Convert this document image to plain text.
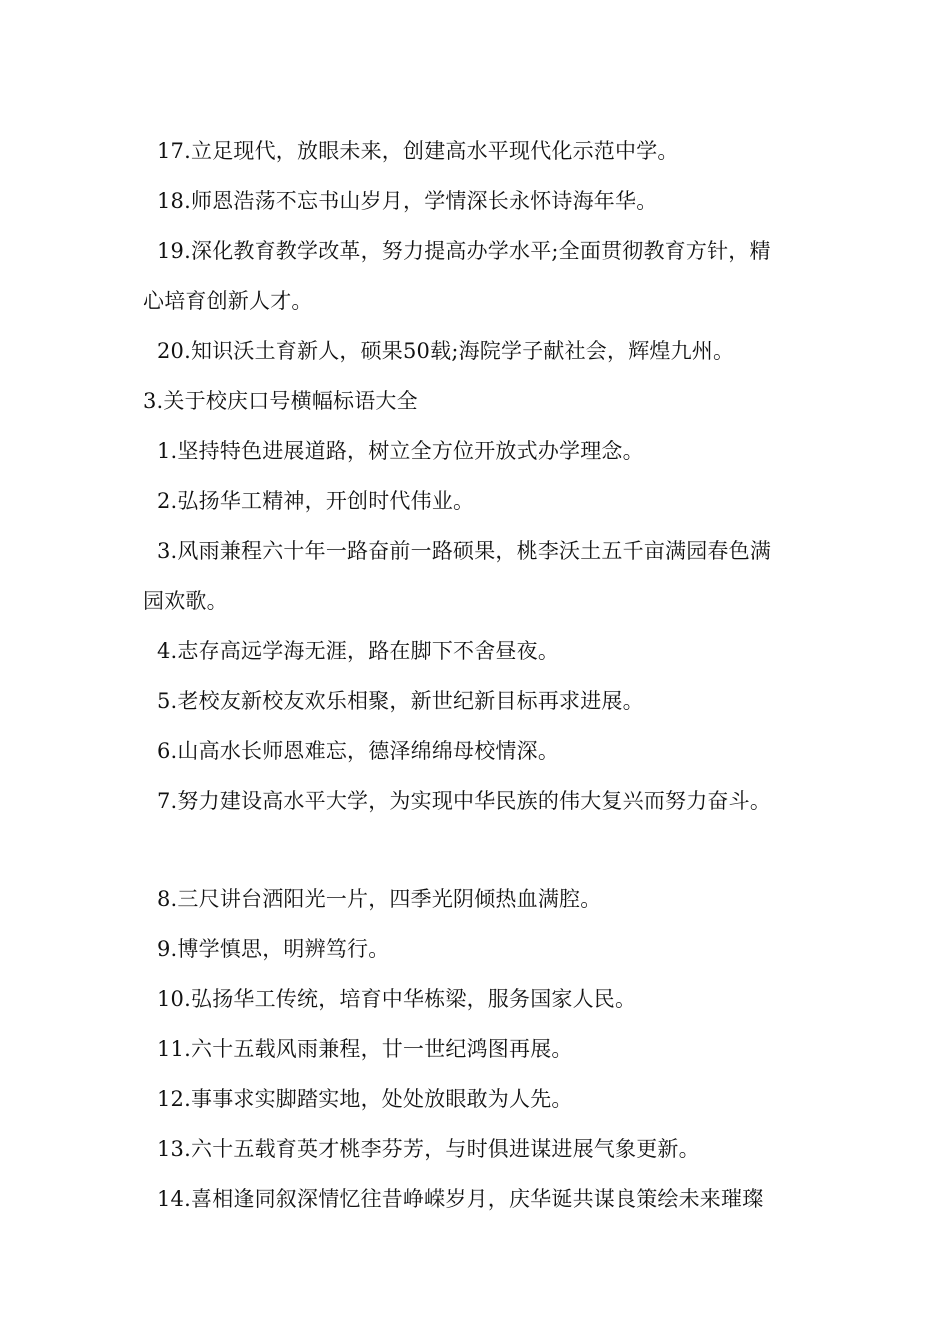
17.立足现代，放眼未来，创建高水平现代化示范中学。
18.师恩浩荡不忘书山岁月，学情深长永怀诗海年华。
19.深化教育教学改革，努力提高办学水平;全面贯彻教育方针，精
心培育创新人才。
20.知识沃土育新人，硕果50载;海院学子献社会，辉煌九州。
3.关于校庆口号横幅标语大全
1.坚持特色进展道路，树立全方位开放式办学理念。
2.弘扬华工精神，开创时代伟业。
3.风雨兼程六十年一路奋前一路硕果，桃李沃土五千亩满园春色满
园欢歌。
4.志存高远学海无涯，路在脚下不舍昼夜。
5.老校友新校友欢乐相聚，新世纪新目标再求进展。
6.山高水长师恩难忘，德泽绵绵母校情深。
7.努力建设高水平大学，为实现中华民族的伟大复兴而努力奋斗。
8.三尺讲台洒阳光一片，四季光阴倾热血满腔。
9.博学慎思，明辨笃行。
10.弘扬华工传统，培育中华栋梁，服务国家人民。
11.六十五载风雨兼程，廿一世纪鸿图再展。
12.事事求实脚踏实地，处处放眼敢为人先。
13.六十五载育英才桃李芬芳，与时俱进谋进展气象更新。
14.喜相逢同叙深情忆往昔峥嵘岁月，庆华诞共谋良策绘未来璀璨
